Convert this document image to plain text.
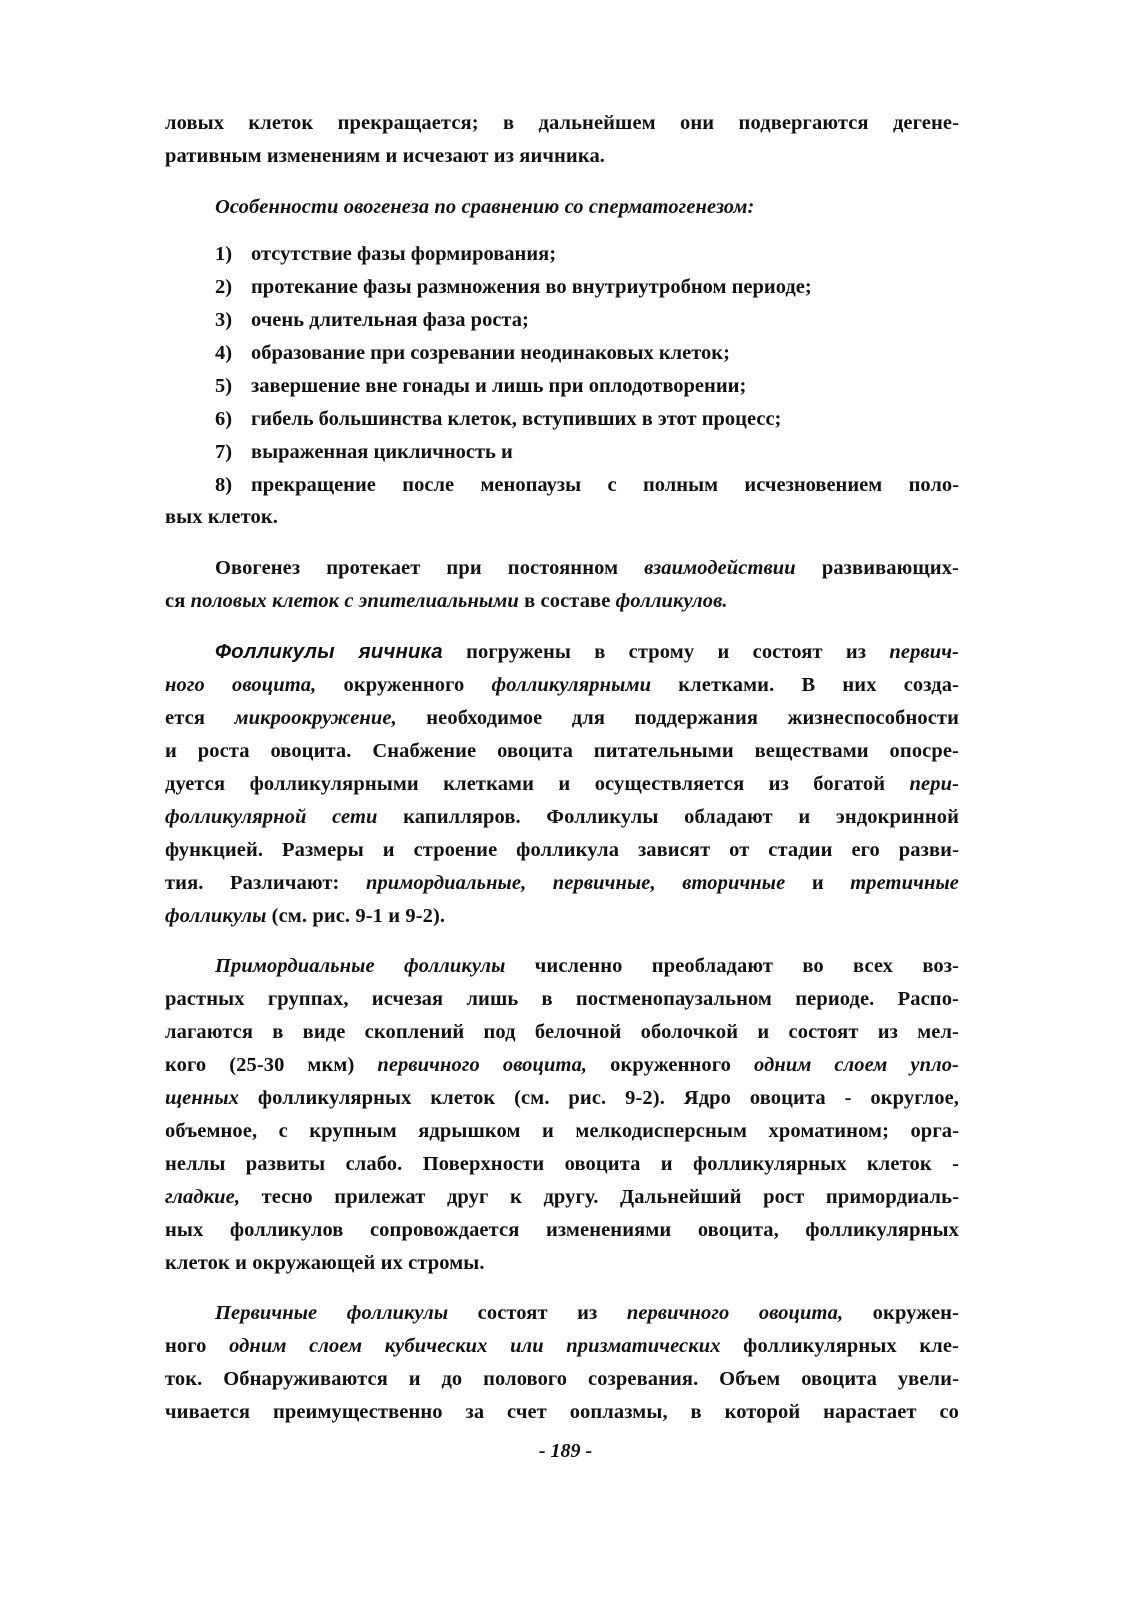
ловых клеток прекращается; в дальнейшем они подвергаются дегене-
ративным изменениям и исчезают из яичника.
Особенности овогенеза по сравнению со сперматогенезом:
1) отсутствие фазы формирования;
2) протекание фазы размножения во внутриутробном периоде;
3) очень длительная фаза роста;
4) образование при созревании неодинаковых клеток;
5) завершение вне гонады и лишь при оплодотворении;
6) гибель большинства клеток, вступивших в этот процесс;
7) выраженная цикличность и
8) прекращение после менопаузы с полным исчезновением поло-
вых клеток.
Овогенез протекает при постоянном взаимодействии развивающих-
ся половых клеток с эпителиальными в составе фолликулов.
Фолликулы яичника погружены в строму и состоят из первич-
ного овоцита, окруженного фолликулярными клетками. В них созда-
ется микроокружение, необходимое для поддержания жизнеспособности
и роста овоцита. Снабжение овоцита питательными веществами опосре-
дуется фолликулярными клетками и осуществляется из богатой пери-
фолликулярной сети капилляров. Фолликулы обладают и эндокринной
функцией. Размеры и строение фолликула зависят от стадии его разви-
тия. Различают: примордиальные, первичные, вторичные и третичные
фолликулы (см. рис. 9-1 и 9-2).
Примордиальные фолликулы численно преобладают во всех воз-
растных группах, исчезая лишь в постменопаузальном периоде. Распо-
лагаются в виде скоплений под белочной оболочкой и состоят из мел-
кого (25-30 мкм) первичного овоцита, окруженного одним слоем упло-
щенных фолликулярных клеток (см. рис. 9-2). Ядро овоцита - округлое,
объемное, с крупным ядрышком и мелкодисперсным хроматином; орга-
неллы развиты слабо. Поверхности овоцита и фолликулярных клеток -
гладкие, тесно прилежат друг к другу. Дальнейший рост примордиаль-
ных фолликулов сопровождается изменениями овоцита, фолликулярных
клеток и окружающей их стромы.
Первичные фолликулы состоят из первичного овоцита, окружен-
ного одним слоем кубических или призматических фолликулярных кле-
ток. Обнаруживаются и до полового созревания. Объем овоцита увели-
чивается преимущественно за счет ооплазмы, в которой нарастает со
- 189 -
